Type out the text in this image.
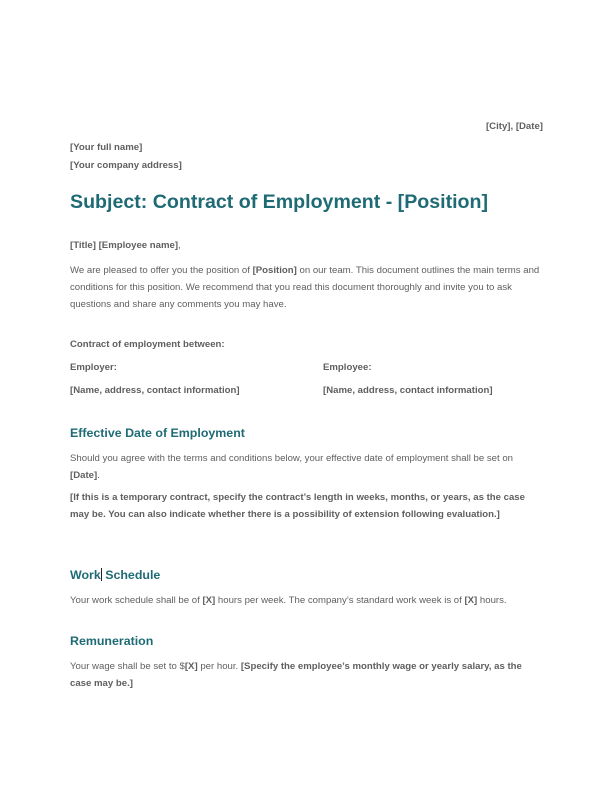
[City], [Date]
[Your full name]
[Your company address]
Subject: Contract of Employment - [Position]
[Title] [Employee name],
We are pleased to offer you the position of [Position] on our team. This document outlines the main terms and conditions for this position. We recommend that you read this document thoroughly and invite you to ask questions and share any comments you may have.
Contract of employment between:
Employer:	Employee:
[Name, address, contact information]	[Name, address, contact information]
Effective Date of Employment
Should you agree with the terms and conditions below, your effective date of employment shall be set on [Date].
[If this is a temporary contract, specify the contract’s length in weeks, months, or years, as the case may be. You can also indicate whether there is a possibility of extension following evaluation.]
Work Schedule
Your work schedule shall be of [X] hours per week. The company’s standard work week is of [X] hours.
Remuneration
Your wage shall be set to $[X] per hour. [Specify the employee’s monthly wage or yearly salary, as the case may be.]
